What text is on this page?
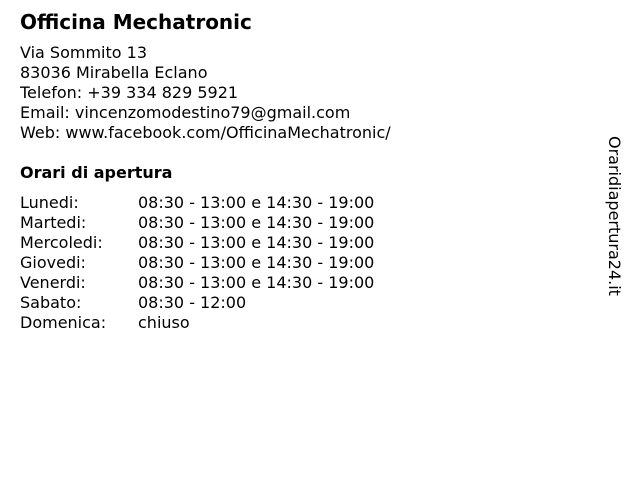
Officina Mechatronic
Via Sommito 13
83036 Mirabella Eclano
Telefon: +39 334 829 5921
Email: vincenzomodestino79@gmail.com
Web: www.facebook.com/OfficinaMechatronic/
Orari di apertura
Lunedi:	08:30 - 13:00 e 14:30 - 19:00
Martedi:	08:30 - 13:00 e 14:30 - 19:00
Mercoledi: 08:30 - 13:00 e 14:30 - 19:00
Giovedi:	08:30 - 13:00 e 14:30 - 19:00
Venerdi:	08:30 - 13:00 e 14:30 - 19:00
Sabato:	08:30 - 12:00
Domenica: chiuso
Oraridiapertura24.it
